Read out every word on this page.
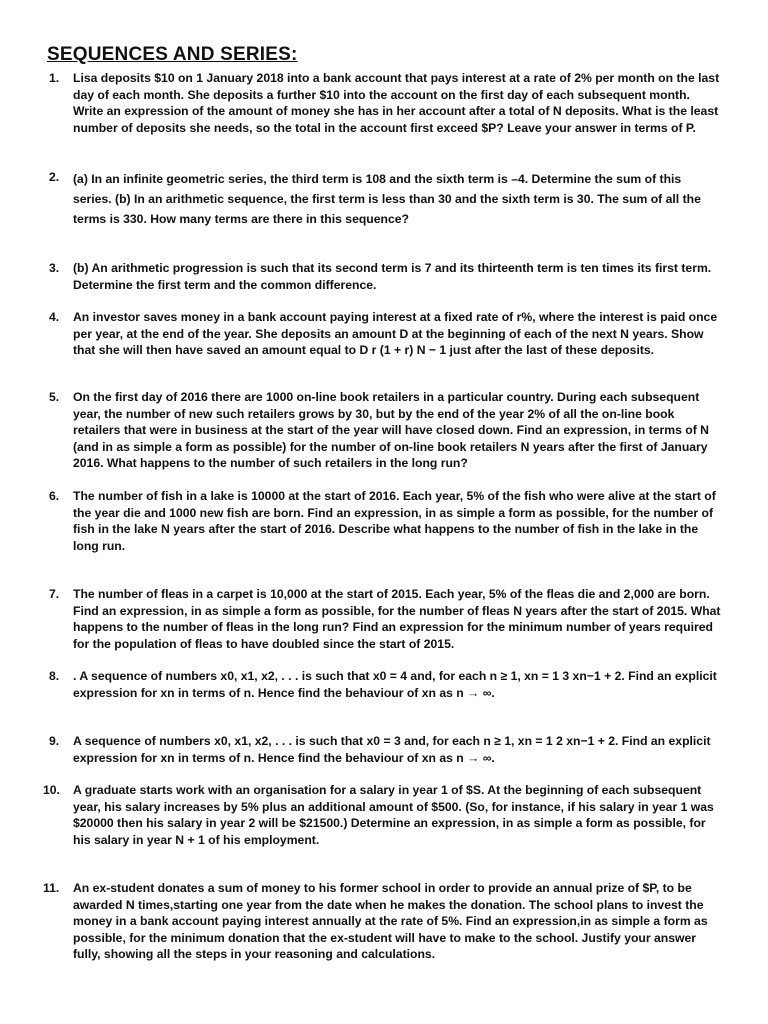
SEQUENCES AND SERIES:
1. Lisa deposits $10 on 1 January 2018 into a bank account that pays interest at a rate of 2% per month on the last day of each month. She deposits a further $10 into the account on the first day of each subsequent month. Write an expression of the amount of money she has in her account after a total of N deposits. What is the least number of deposits she needs, so the total in the account first exceed $P? Leave your answer in terms of P.

2. (a) In an infinite geometric series, the third term is 108 and the sixth term is –4. Determine the sum of this series. (b) In an arithmetic sequence, the first term is less than 30 and the sixth term is 30. The sum of all the terms is 330. How many terms are there in this sequence?

3. (b) An arithmetic progression is such that its second term is 7 and its thirteenth term is ten times its first term. Determine the first term and the common difference.

4. An investor saves money in a bank account paying interest at a fixed rate of r%, where the interest is paid once per year, at the end of the year. She deposits an amount D at the beginning of each of the next N years. Show that she will then have saved an amount equal to D r (1 + r) N − 1 just after the last of these deposits.

5. On the first day of 2016 there are 1000 on-line book retailers in a particular country. During each subsequent year, the number of new such retailers grows by 30, but by the end of the year 2% of all the on-line book retailers that were in business at the start of the year will have closed down. Find an expression, in terms of N (and in as simple a form as possible) for the number of on-line book retailers N years after the first of January 2016. What happens to the number of such retailers in the long run?

6. The number of fish in a lake is 10000 at the start of 2016. Each year, 5% of the fish who were alive at the start of the year die and 1000 new fish are born. Find an expression, in as simple a form as possible, for the number of fish in the lake N years after the start of 2016. Describe what happens to the number of fish in the lake in the long run.

7. The number of fleas in a carpet is 10,000 at the start of 2015. Each year, 5% of the fleas die and 2,000 are born. Find an expression, in as simple a form as possible, for the number of fleas N years after the start of 2015. What happens to the number of fleas in the long run? Find an expression for the minimum number of years required for the population of fleas to have doubled since the start of 2015.

8. . A sequence of numbers x0, x1, x2, . . . is such that x0 = 4 and, for each n ≥ 1, xn = 1 3 xn−1 + 2. Find an explicit expression for xn in terms of n. Hence find the behaviour of xn as n → ∞.

9. A sequence of numbers x0, x1, x2, . . . is such that x0 = 3 and, for each n ≥ 1, xn = 1 2 xn−1 + 2. Find an explicit expression for xn in terms of n. Hence find the behaviour of xn as n → ∞.

10. A graduate starts work with an organisation for a salary in year 1 of $S. At the beginning of each subsequent year, his salary increases by 5% plus an additional amount of $500. (So, for instance, if his salary in year 1 was $20000 then his salary in year 2 will be $21500.) Determine an expression, in as simple a form as possible, for his salary in year N + 1 of his employment.

11. An ex-student donates a sum of money to his former school in order to provide an annual prize of $P, to be awarded N times,starting one year from the date when he makes the donation. The school plans to invest the money in a bank account paying interest annually at the rate of 5%. Find an expression,in as simple a form as possible, for the minimum donation that the ex-student will have to make to the school. Justify your answer fully, showing all the steps in your reasoning and calculations.
